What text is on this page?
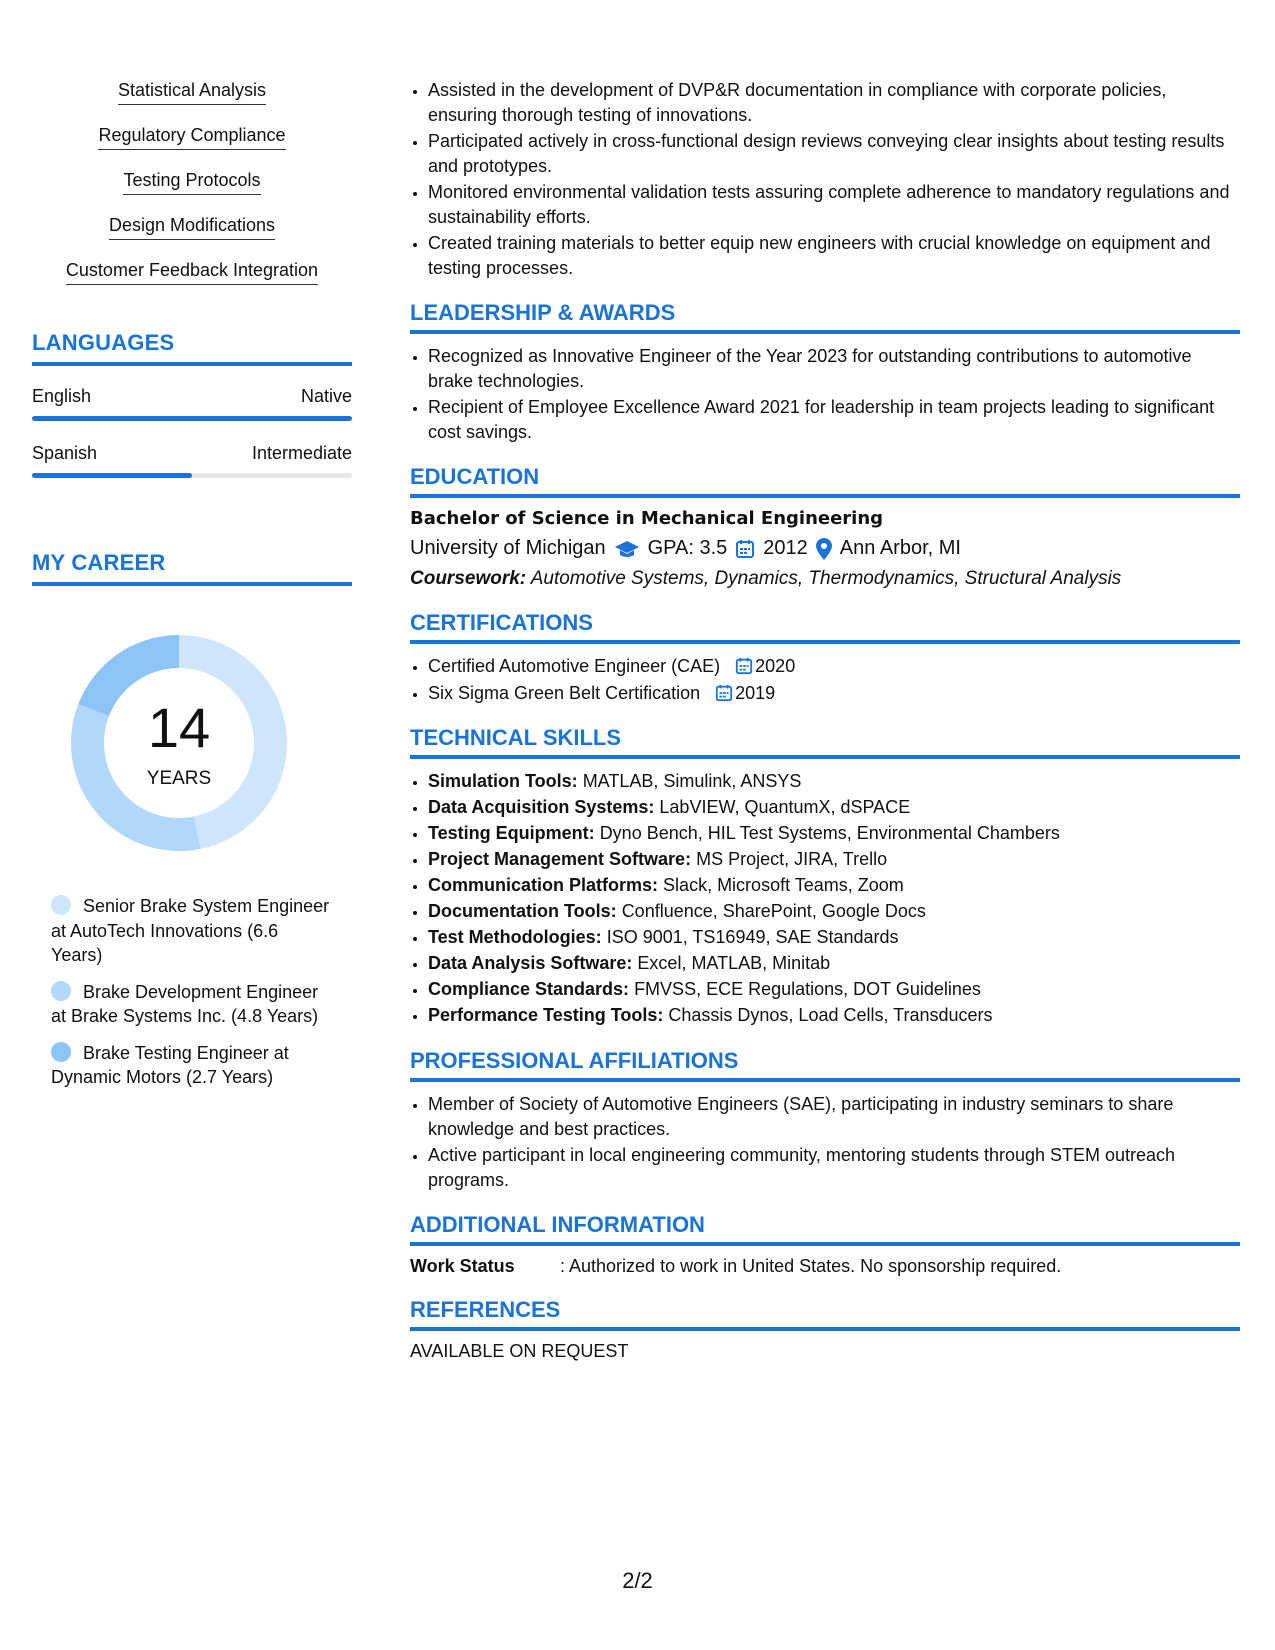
Statistical Analysis
Regulatory Compliance
Testing Protocols
Design Modifications
Customer Feedback Integration
LANGUAGES
English	Native
Spanish	Intermediate
MY CAREER
14
YEARS
Senior Brake System Engineer at AutoTech Innovations (6.6 Years)
Brake Development Engineer at Brake Systems Inc. (4.8 Years)
Brake Testing Engineer at Dynamic Motors (2.7 Years)
• Assisted in the development of DVP&R documentation in compliance with corporate policies, ensuring thorough testing of innovations.
• Participated actively in cross-functional design reviews conveying clear insights about testing results and prototypes.
• Monitored environmental validation tests assuring complete adherence to mandatory regulations and sustainability efforts.
• Created training materials to better equip new engineers with crucial knowledge on equipment and testing processes.
LEADERSHIP & AWARDS
• Recognized as Innovative Engineer of the Year 2023 for outstanding contributions to automotive brake technologies.
• Recipient of Employee Excellence Award 2021 for leadership in team projects leading to significant cost savings.
EDUCATION
Bachelor of Science in Mechanical Engineering
University of Michigan GPA: 3.5 2012 Ann Arbor, MI
Coursework: Automotive Systems, Dynamics, Thermodynamics, Structural Analysis
CERTIFICATIONS
• Certified Automotive Engineer (CAE) 2020
• Six Sigma Green Belt Certification 2019
TECHNICAL SKILLS
• Simulation Tools: MATLAB, Simulink, ANSYS
• Data Acquisition Systems: LabVIEW, QuantumX, dSPACE
• Testing Equipment: Dyno Bench, HIL Test Systems, Environmental Chambers
• Project Management Software: MS Project, JIRA, Trello
• Communication Platforms: Slack, Microsoft Teams, Zoom
• Documentation Tools: Confluence, SharePoint, Google Docs
• Test Methodologies: ISO 9001, TS16949, SAE Standards
• Data Analysis Software: Excel, MATLAB, Minitab
• Compliance Standards: FMVSS, ECE Regulations, DOT Guidelines
• Performance Testing Tools: Chassis Dynos, Load Cells, Transducers
PROFESSIONAL AFFILIATIONS
• Member of Society of Automotive Engineers (SAE), participating in industry seminars to share knowledge and best practices.
• Active participant in local engineering community, mentoring students through STEM outreach programs.
ADDITIONAL INFORMATION
Work Status	: Authorized to work in United States. No sponsorship required.
REFERENCES
AVAILABLE ON REQUEST
2/2
